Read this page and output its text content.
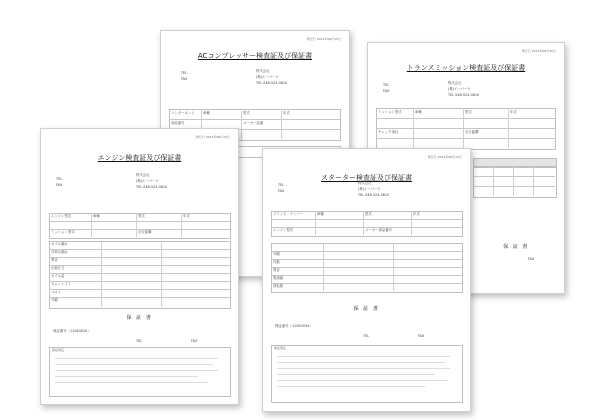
発行日 2013年08月15日
ACコンプレッサー検査証及び保証書
TEL
FAX
株式会社
(株)エーパーツ
TEL 048-524-0610
コンポーネント 車種	型式	年式
部品番号	メーカー品番
発行日 2013年08月15日
トランスミッション検査証及び保証書
TEL
FAX
株式会社
(株)エーパーツ
TEL 048-524-0610
ミッション型式	車種	型式	年式
チェック項目	走行距離
保 証 書
FAX
発行日 2013年08月15日
エンジン検査証及び保証書
TEL
FAX
株式会社
(株)エーパーツ
TEL 048-524-0610
エンジン型式	車種	型式	年式
ミッション型式	走行距離
オイル漏れ
冷却水漏れ
異音
圧縮圧力
オイル量
カムシャフト
ベルト
外観
保 証 書
保証番号（11063034）
TEL	FAX
保証規定
発行日 2013年08月15日
スターター検査証及び保証書
TEL
FAX
株式会社
(株)エーパーツ
TEL 048-524-0610
ソリッド・ナンバー	車種	型式	年式
エンジン型式	メーカー部品番号
外観
作動
異音
電流値
回転数
保 証 書
保証番号（11063034）
TEL	FAX
保証規定
